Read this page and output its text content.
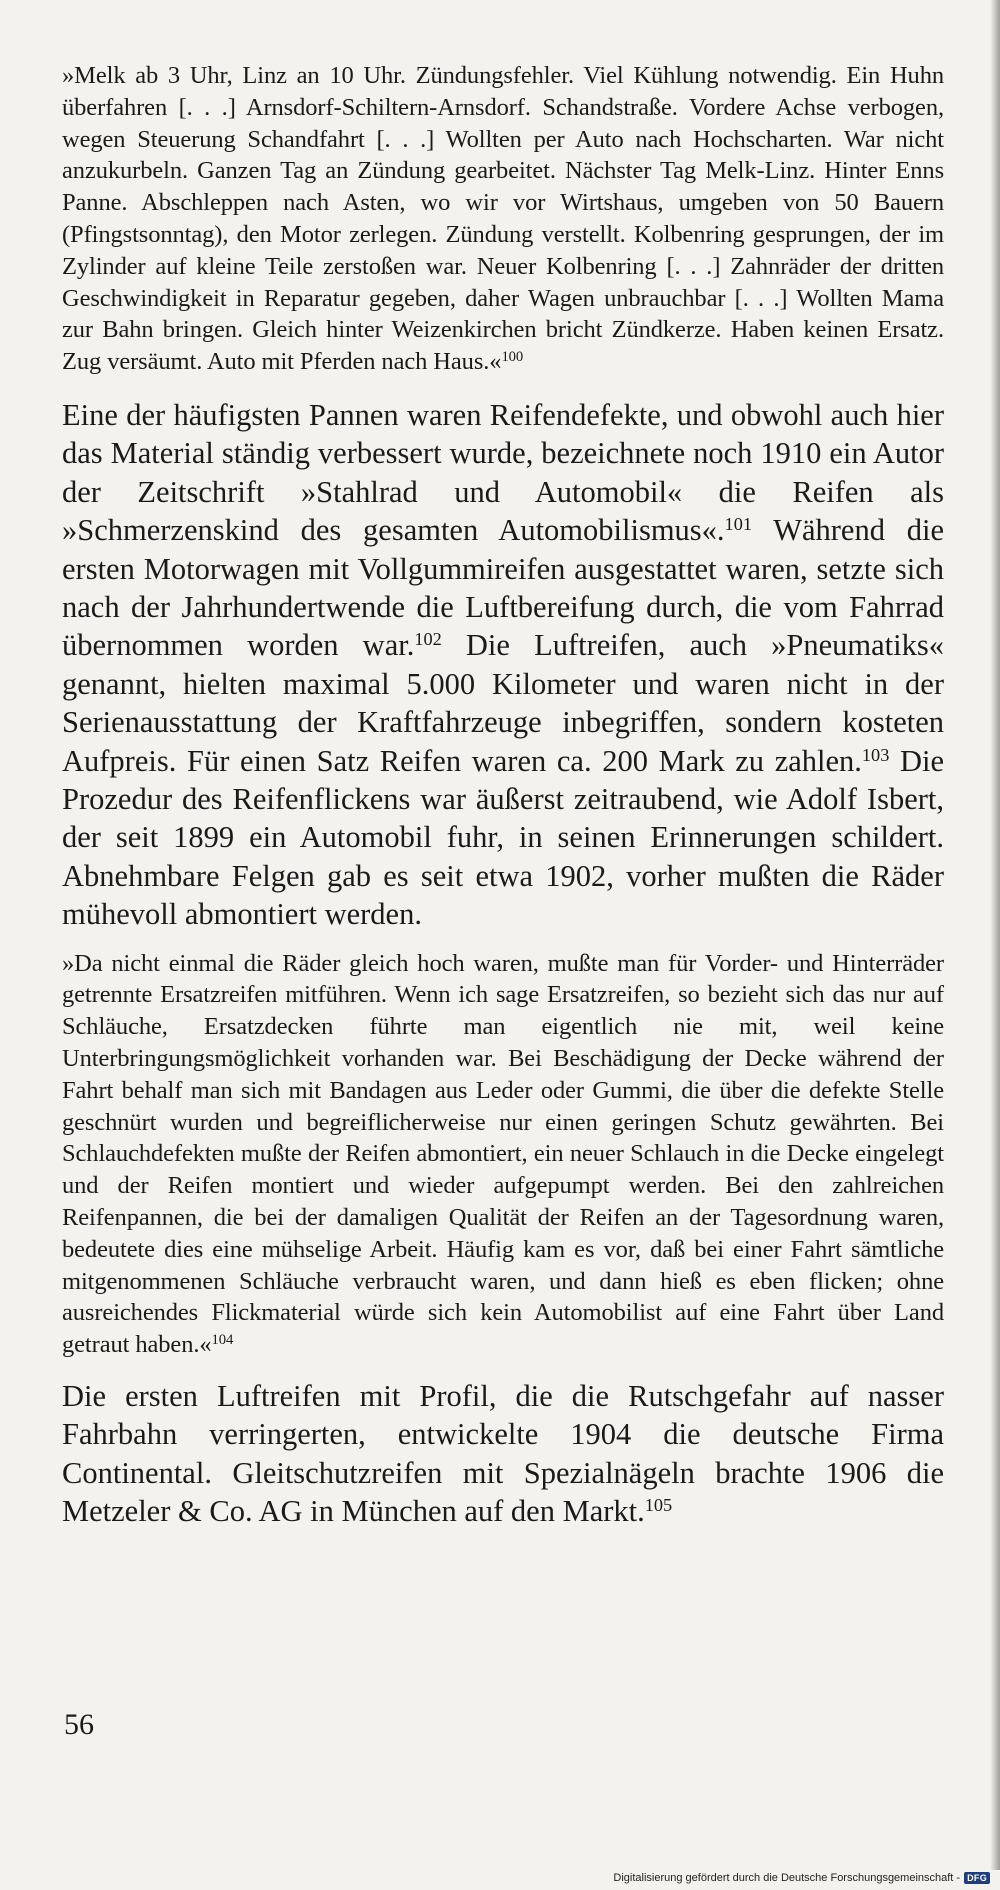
»Melk ab 3 Uhr, Linz an 10 Uhr. Zündungsfehler. Viel Kühlung notwendig. Ein Huhn überfahren [. . .] Arnsdorf-Schiltern-Arnsdorf. Schandstraße. Vordere Achse verbogen, wegen Steuerung Schandfahrt [. . .] Wollten per Auto nach Hochscharten. War nicht anzukurbeln. Ganzen Tag an Zündung gearbeitet. Nächster Tag Melk-Linz. Hinter Enns Panne. Abschleppen nach Asten, wo wir vor Wirtshaus, umgeben von 50 Bauern (Pfingstsonntag), den Motor zerlegen. Zündung verstellt. Kolbenring gesprungen, der im Zylinder auf kleine Teile zerstoßen war. Neuer Kolbenring [. . .] Zahnräder der dritten Geschwindigkeit in Reparatur gegeben, daher Wagen unbrauchbar [. . .] Wollten Mama zur Bahn bringen. Gleich hinter Weizenkirchen bricht Zündkerze. Haben keinen Ersatz. Zug versäumt. Auto mit Pferden nach Haus.«$^{100}$

Eine der häufigsten Pannen waren Reifendefekte, und obwohl auch hier das Material ständig verbessert wurde, bezeichnete noch 1910 ein Autor der Zeitschrift »Stahlrad und Automobil« die Reifen als »Schmerzenskind des gesamten Automobilismus«.$^{101}$ Während die ersten Motorwagen mit Vollgummireifen ausgestattet waren, setzte sich nach der Jahrhundertwende die Luftbereifung durch, die vom Fahrrad übernommen worden war.$^{102}$ Die Luftreifen, auch »Pneumatiks« genannt, hielten maximal 5.000 Kilometer und waren nicht in der Serienausstattung der Kraftfahrzeuge inbegriffen, sondern kosteten Aufpreis. Für einen Satz Reifen waren ca. 200 Mark zu zahlen.$^{103}$ Die Prozedur des Reifenflickens war äußerst zeitraubend, wie Adolf Isbert, der seit 1899 ein Automobil fuhr, in seinen Erinnerungen schildert. Abnehmbare Felgen gab es seit etwa 1902, vorher mußten die Räder mühevoll abmontiert werden.

»Da nicht einmal die Räder gleich hoch waren, mußte man für Vorder- und Hinterräder getrennte Ersatzreifen mitführen. Wenn ich sage Ersatzreifen, so bezieht sich das nur auf Schläuche, Ersatzdecken führte man eigentlich nie mit, weil keine Unterbringungsmöglichkeit vorhanden war. Bei Beschädigung der Decke während der Fahrt behalf man sich mit Bandagen aus Leder oder Gummi, die über die defekte Stelle geschnürt wurden und begreiflicherweise nur einen geringen Schutz gewährten. Bei Schlauchdefekten mußte der Reifen abmontiert, ein neuer Schlauch in die Decke eingelegt und der Reifen montiert und wieder aufgepumpt werden. Bei den zahlreichen Reifenpannen, die bei der damaligen Qualität der Reifen an der Tagesordnung waren, bedeutete dies eine mühselige Arbeit. Häufig kam es vor, daß bei einer Fahrt sämtliche mitgenommenen Schläuche verbraucht waren, und dann hieß es eben flicken; ohne ausreichendes Flickmaterial würde sich kein Automobilist auf eine Fahrt über Land getraut haben.«$^{104}$

Die ersten Luftreifen mit Profil, die die Rutschgefahr auf nasser Fahrbahn verringerten, entwickelte 1904 die deutsche Firma Continental. Gleitschutzreifen mit Spezialnägeln brachte 1906 die Metzeler & Co. AG in München auf den Markt.$^{105}$

56
Digitalisierung gefördert durch die Deutsche Forschungsgemeinschaft - DFG
